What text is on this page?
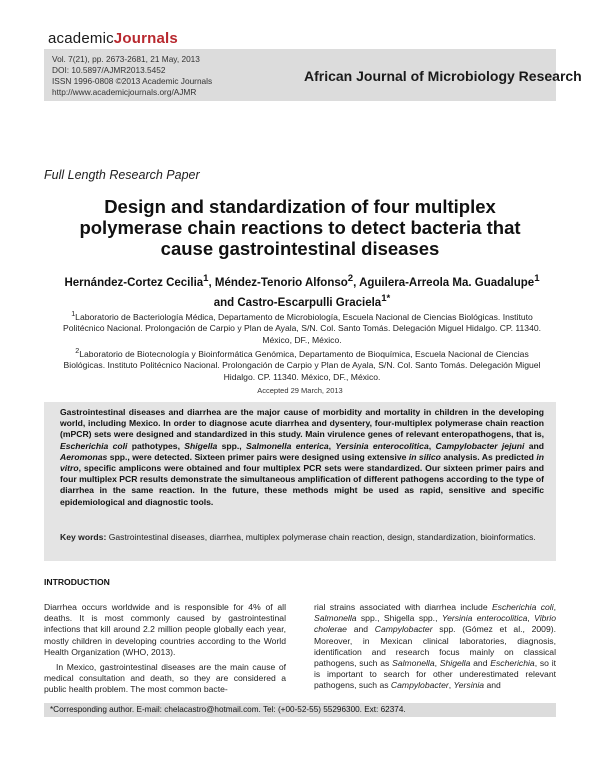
academicJournals
Vol. 7(21), pp. 2673-2681, 21 May, 2013
DOI: 10.5897/AJMR2013.5452
ISSN 1996-0808 ©2013 Academic Journals
http://www.academicjournals.org/AJMR
African Journal of Microbiology Research
Full Length Research Paper
Design and standardization of four multiplex polymerase chain reactions to detect bacteria that cause gastrointestinal diseases
Hernández-Cortez Cecilia$^1$, Méndez-Tenorio Alfonso$^2$, Aguilera-Arreola Ma. Guadalupe$^1$ and Castro-Escarpulli Graciela$^{1*}$
$^1$Laboratorio de Bacteriología Médica, Departamento de Microbiología, Escuela Nacional de Ciencias Biológicas. Instituto Politécnico Nacional. Prolongación de Carpio y Plan de Ayala, S/N. Col. Santo Tomás. Delegación Miguel Hidalgo. CP. 11340. México, DF., México.
$^2$Laboratorio de Biotecnología y Bioinformática Genómica, Departamento de Bioquímica, Escuela Nacional de Ciencias Biológicas. Instituto Politécnico Nacional. Prolongación de Carpio y Plan de Ayala, S/N. Col. Santo Tomás. Delegación Miguel Hidalgo. CP. 11340. México, DF., México.
Accepted 29 March, 2013
Gastrointestinal diseases and diarrhea are the major cause of morbidity and mortality in children in the developing world, including Mexico. In order to diagnose acute diarrhea and dysentery, four-multiplex polymerase chain reaction (mPCR) sets were designed and standardized in this study. Main virulence genes of relevant enteropathogens, that is, Escherichia coli pathotypes, Shigella spp., Salmonella enterica, Yersinia enterocolitica, Campylobacter jejuni and Aeromonas spp., were detected. Sixteen primer pairs were designed using extensive in silico analysis. As predicted in vitro, specific amplicons were obtained and four multiplex PCR sets were standardized. Our sixteen primer pairs and four multiplex PCR results demonstrate the simultaneous amplification of different pathogens according to the type of diarrhea in the same reaction. In the future, these methods might be used as rapid, sensitive and specific epidemiological and diagnostic tools.
Key words: Gastrointestinal diseases, diarrhea, multiplex polymerase chain reaction, design, standardization, bioinformatics.
INTRODUCTION

Diarrhea occurs worldwide and is responsible for 4% of all deaths. It is most commonly caused by gastrointestinal infections that kill around 2.2 million people globally each year, mostly children in developing countries according to the World Health Organization (WHO, 2013).

In Mexico, gastrointestinal diseases are the main cause of medical consultation and death, so they are considered a public health problem. The most common bacte-

rial strains associated with diarrhea include Escherichia coli, Salmonella spp., Shigella spp., Yersinia enterocolitica, Vibrio cholerae and Campylobacter spp. (Gómez et al., 2009). Moreover, in Mexican clinical laboratories, diagnosis, identification and research focus mainly on classical pathogens, such as Salmonella, Shigella and Escherichia, so it is important to search for other underestimated relevant pathogens, such as Campylobacter, Yersinia and

*Corresponding author. E-mail: chelacastro@hotmail.com. Tel: (+00-52-55) 55296300. Ext: 62374.
